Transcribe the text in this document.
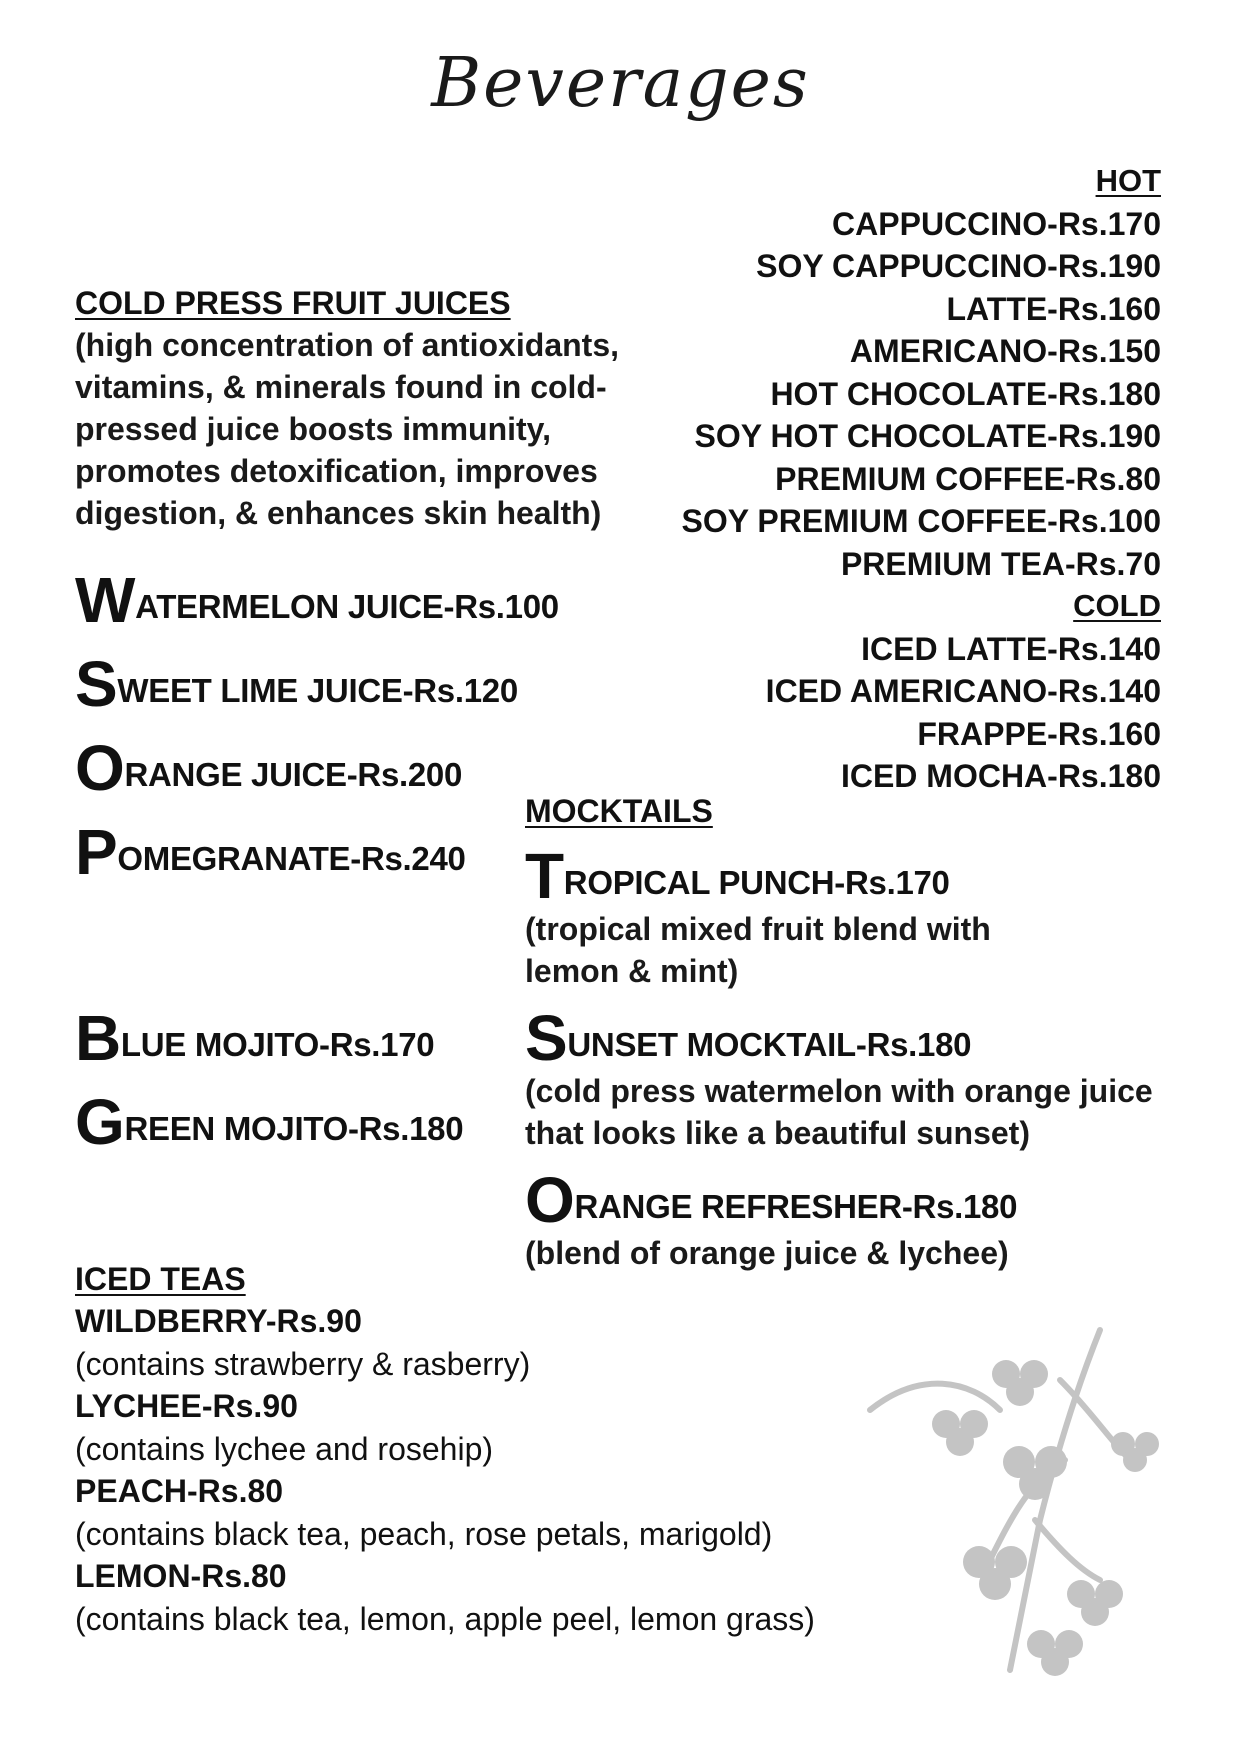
Beverages
HOT
CAPPUCCINO-Rs.170
SOY CAPPUCCINO-Rs.190
LATTE-Rs.160
AMERICANO-Rs.150
HOT CHOCOLATE-Rs.180
SOY HOT CHOCOLATE-Rs.190
PREMIUM COFFEE-Rs.80
SOY PREMIUM COFFEE-Rs.100
PREMIUM TEA-Rs.70
COLD
ICED LATTE-Rs.140
ICED AMERICANO-Rs.140
FRAPPE-Rs.160
ICED MOCHA-Rs.180
COLD PRESS FRUIT JUICES
(high concentration of antioxidants, vitamins, & minerals found in cold-pressed juice boosts immunity, promotes detoxification, improves digestion, & enhances skin health)
W ATERMELON JUICE-Rs.100
S WEET LIME JUICE-Rs.120
O RANGE JUICE-Rs.200
P OMEGRANATE-Rs.240
B LUE MOJITO-Rs.170
G REEN MOJITO-Rs.180
MOCKTAILS
T ROPICAL PUNCH-Rs.170
(tropical mixed fruit blend with lemon & mint)
S UNSET MOCKTAIL-Rs.180
(cold press watermelon with orange juice that looks like a beautiful sunset)
O RANGE REFRESHER-Rs.180
(blend of orange juice & lychee)
ICED TEAS
WILDBERRY-Rs.90
(contains strawberry & rasberry)
LYCHEE-Rs.90
(contains lychee and rosehip)
PEACH-Rs.80
(contains black tea, peach, rose petals, marigold)
LEMON-Rs.80
(contains black tea, lemon, apple peel, lemon grass)
